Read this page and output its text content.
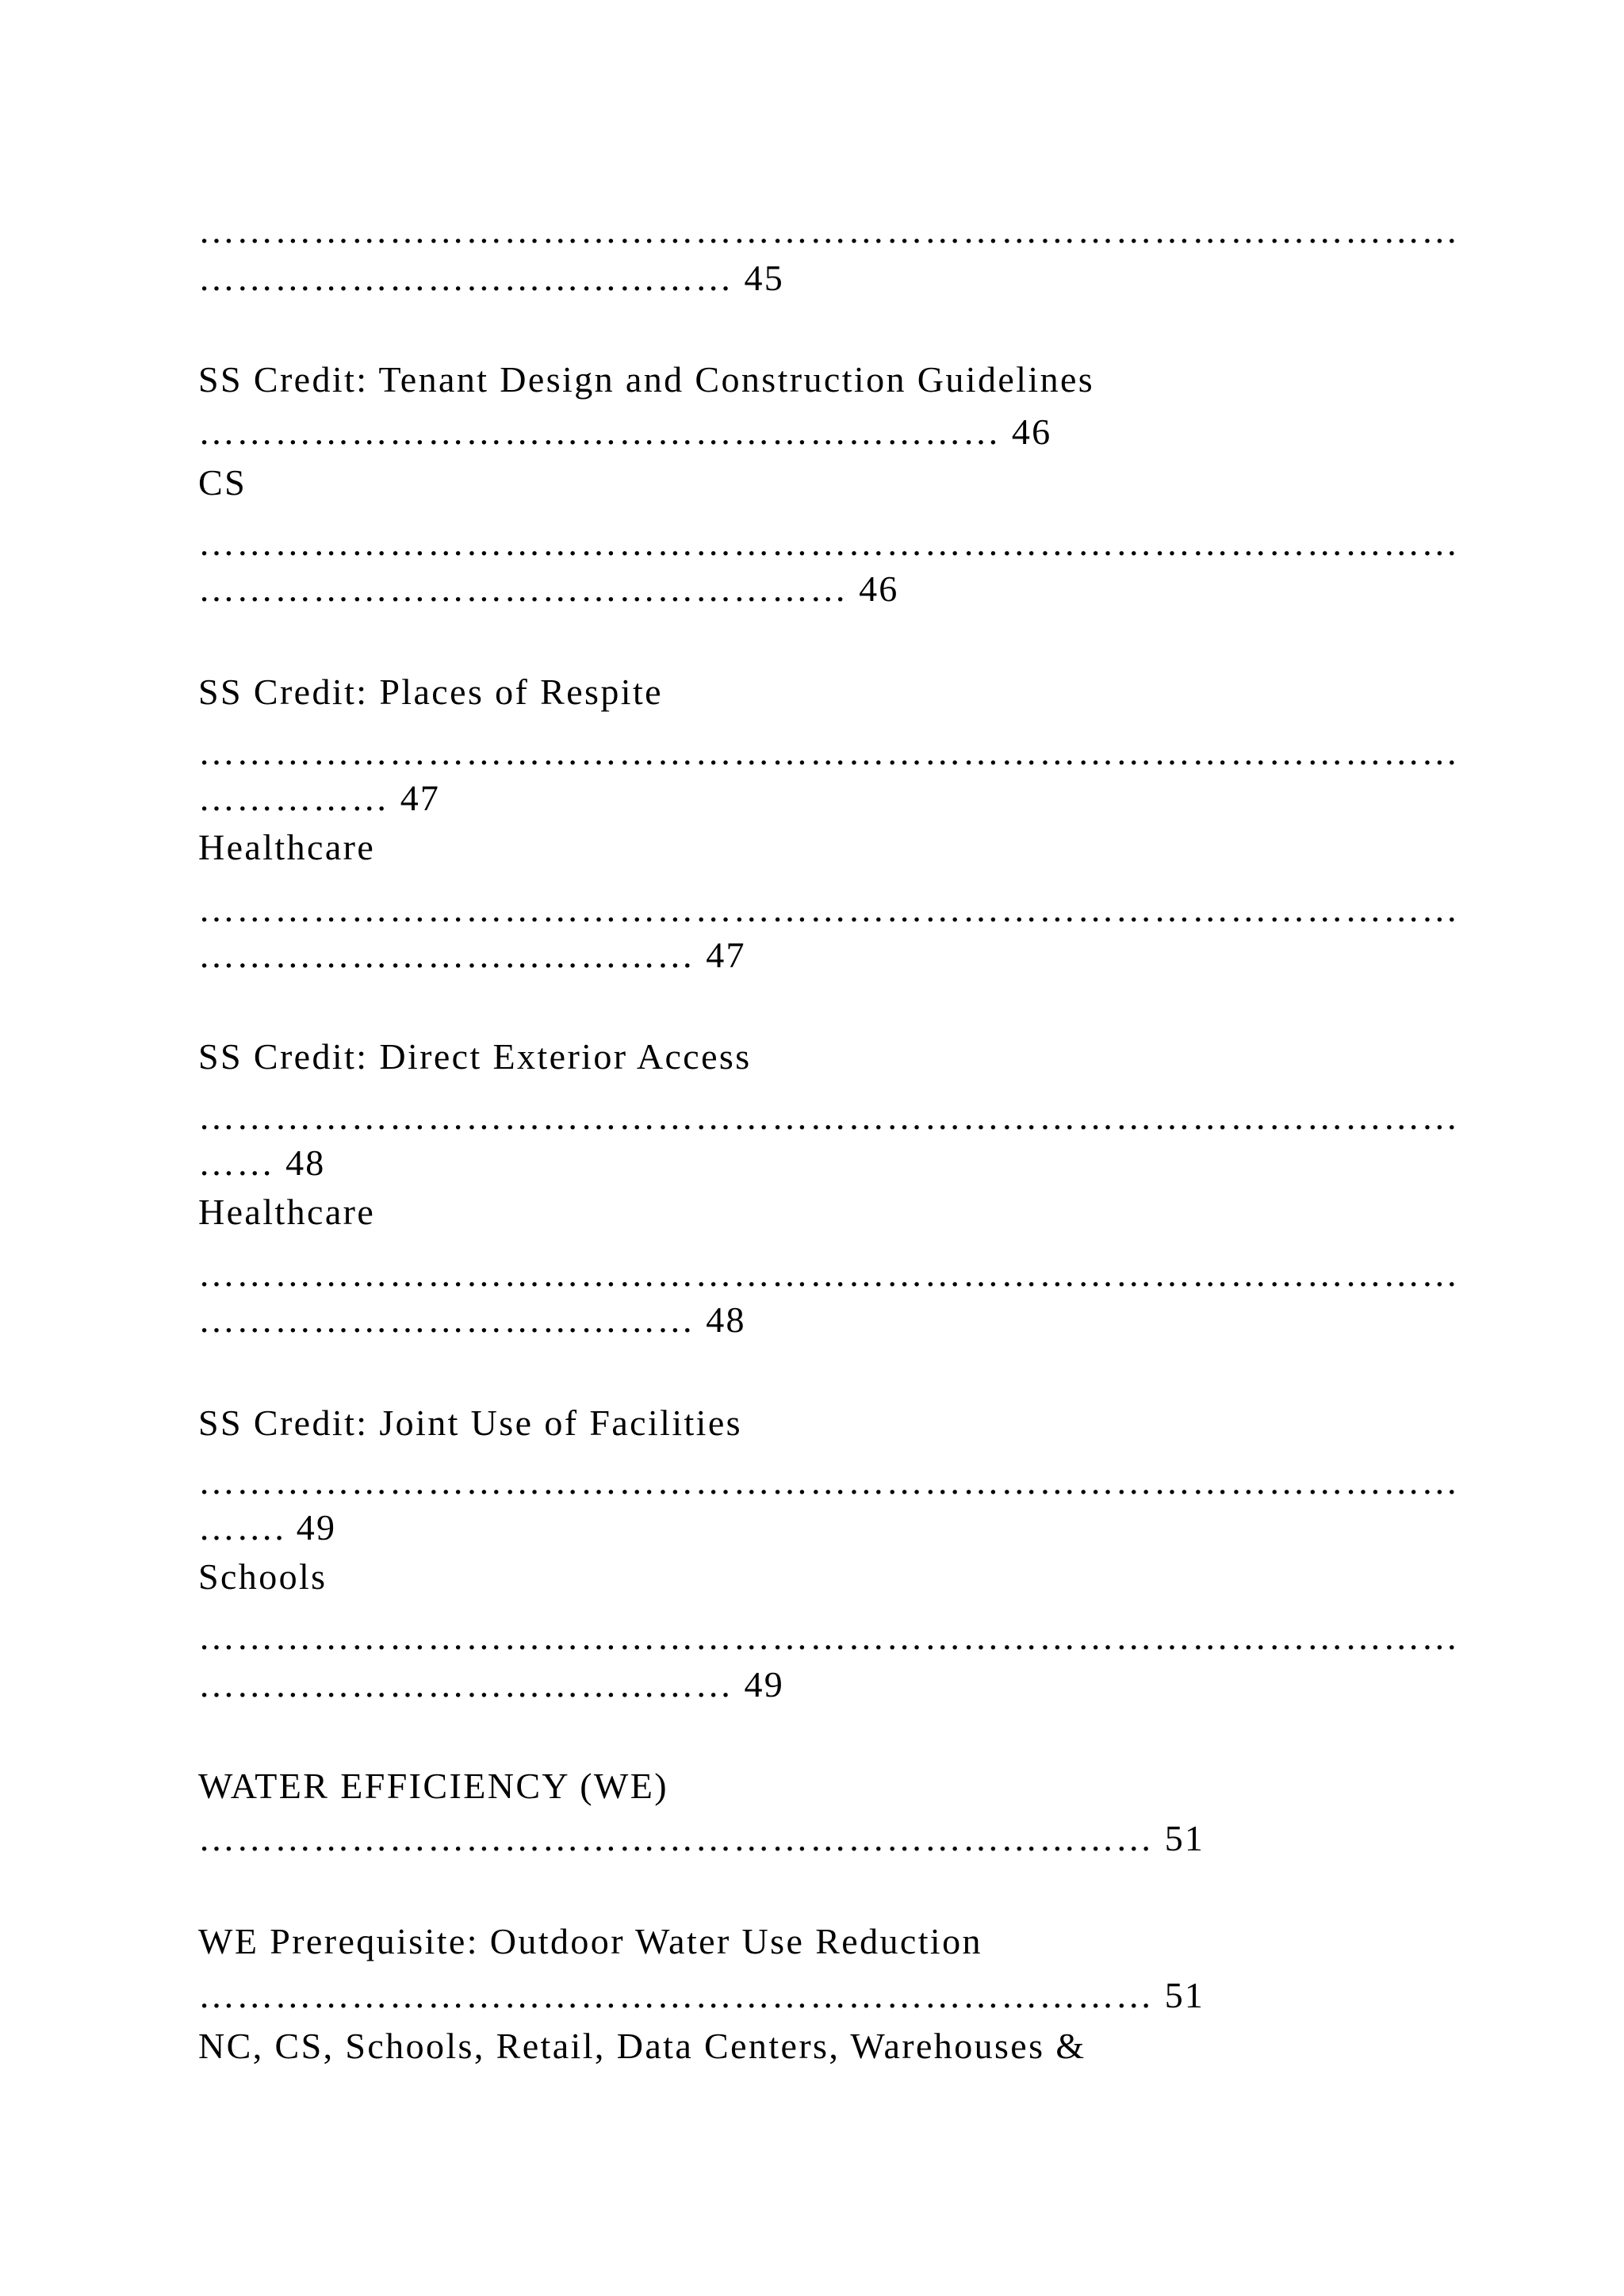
………………………………………………………………………………………
…………………………………… 45
SS Credit: Tenant Design and Construction Guidelines
……………………………………………………… 46
CS
………………………………………………………………………………………
…………………………………………… 46
SS Credit: Places of Respite
………………………………………………………………………………………
…………… 47
Healthcare
………………………………………………………………………………………
………………………………… 47
SS Credit: Direct Exterior Access
………………………………………………………………………………………
…… 48
Healthcare
………………………………………………………………………………………
………………………………… 48
SS Credit: Joint Use of Facilities
………………………………………………………………………………………
……. 49
Schools
………………………………………………………………………………………
…………………………………… 49
WATER EFFICIENCY (WE)
………………………………………………………………… 51
WE Prerequisite: Outdoor Water Use Reduction
………………………………………………………………… 51
NC, CS, Schools, Retail, Data Centers, Warehouses &
